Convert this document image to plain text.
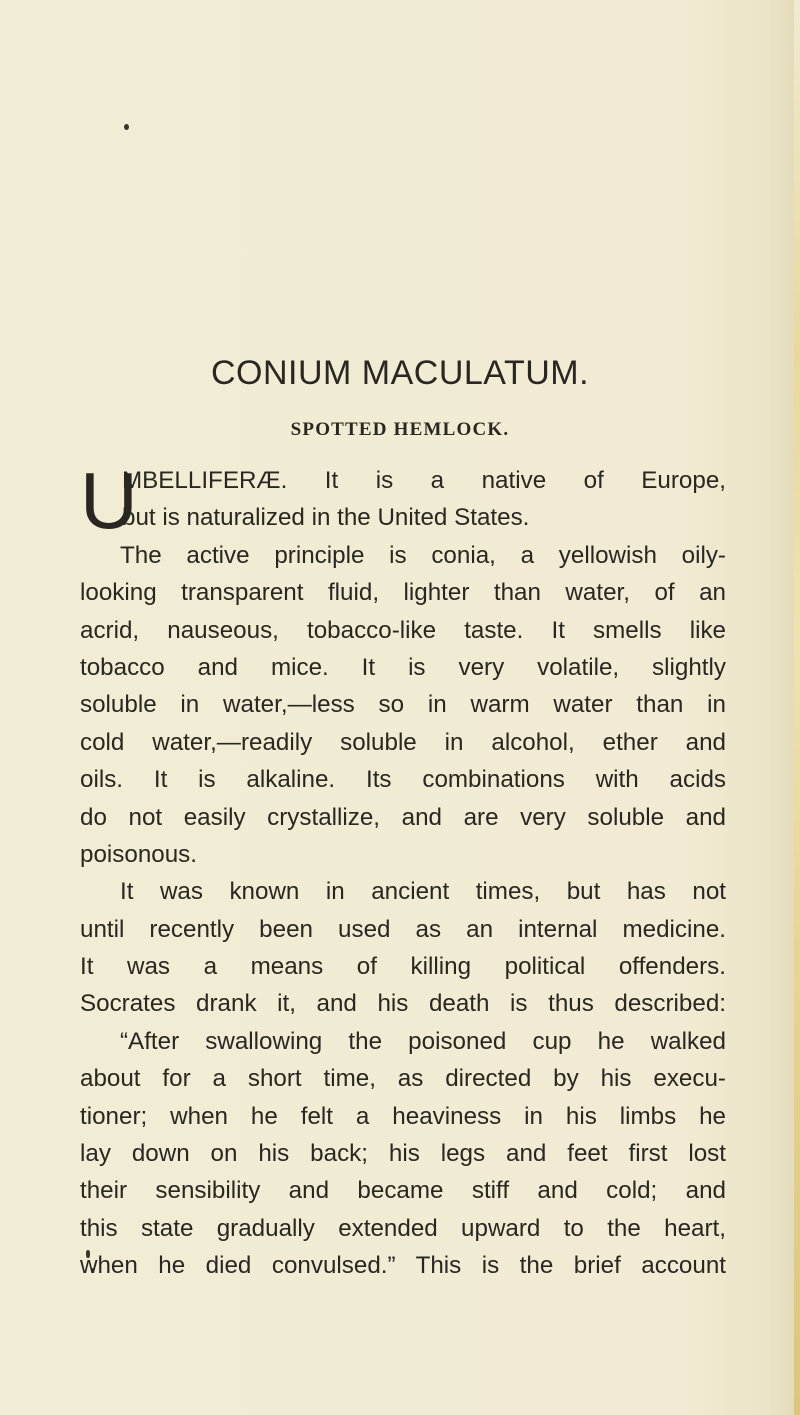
CONIUM MACULATUM.
SPOTTED HEMLOCK.
U
MBELLIFERÆ. It is a native of Europe,
but is naturalized in the United States.
The active principle is conia, a yellowish oily-
looking transparent fluid, lighter than water, of an
acrid, nauseous, tobacco-like taste. It smells like
tobacco and mice. It is very volatile, slightly
soluble in water,—less so in warm water than in
cold water,—readily soluble in alcohol, ether and
oils. It is alkaline. Its combinations with acids
do not easily crystallize, and are very soluble and
poisonous.
It was known in ancient times, but has not
until recently been used as an internal medicine.
It was a means of killing political offenders.
Socrates drank it, and his death is thus described:
“After swallowing the poisoned cup he walked
about for a short time, as directed by his execu-
tioner; when he felt a heaviness in his limbs he
lay down on his back; his legs and feet first lost
their sensibility and became stiff and cold; and
this state gradually extended upward to the heart,
when he died convulsed.” This is the brief account
